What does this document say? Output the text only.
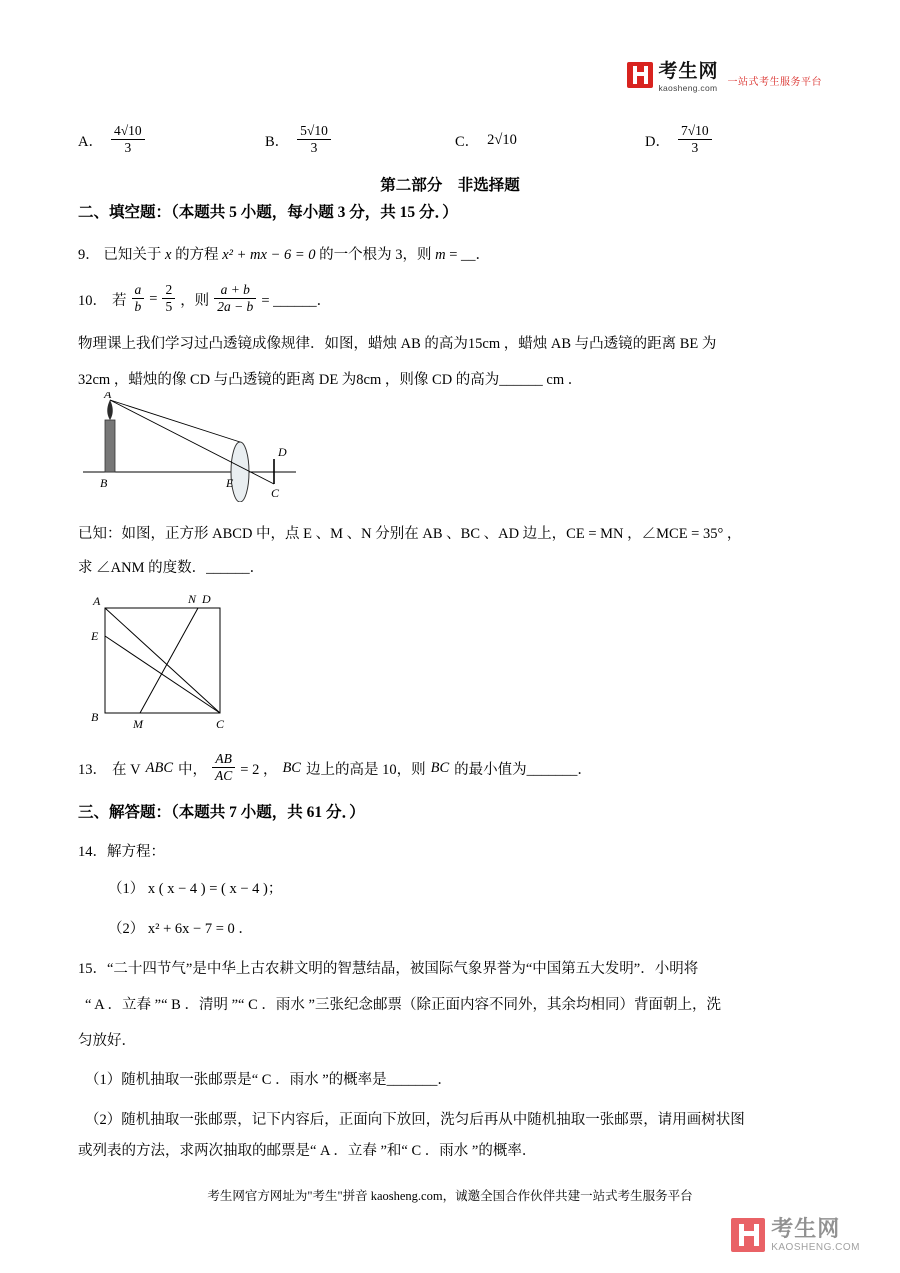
考生网
kaosheng.com 一站式考生服务平台
A． $\frac{4√10}{3}$	B． $\frac{5√10}{3}$	C． 2√10	D． $\frac{7√10}{3}$
第二部分　非选择题
二、填空题：（本题共 5 小题，每小题 3 分，共 15 分．）
9． 已知关于 x 的方程 x² + mx − 6 = 0 的一个根为 3，则 m = __．
10． 若 $\frac{a}{b} = \frac{2}{5}$ ，则 $\frac{a + b}{2a - b}$ = ______．
物理课上我们学习过凸透镜成像规律．如图，蜡烛 AB 的高为15cm ，蜡烛 AB 与凸透镜的距离 BE 为
32cm ，蜡烛的像 CD 与凸透镜的距离 DE 为8cm ，则像 CD 的高为______ cm ．
A
B	E
D
C
已知：如图，正方形 ABCD 中，点 E 、M 、N 分别在 AB 、BC 、AD 边上，CE = MN ，∠MCE = 35° ，
求 ∠ANM 的度数．______．
A	N D
E
B	M	C
13． 在 V ABC 中， $\frac{AB}{AC} = 2$ ， BC 边上的高是 10，则 BC 的最小值为_______．
三、解答题：（本题共 7 小题，共 61 分．）
14．解方程：
（1） x ( x − 4 ) = ( x − 4 )；
（2） x² + 6x − 7 = 0 ．
15．“二十四节气”是中华上古农耕文明的智慧结晶，被国际气象界誉为“中国第五大发明”．小明将
“ A ．立春 ”“ B ．清明 ”“ C ．雨水 ”三张纪念邮票（除正面内容不同外，其余均相同）背面朝上，洗
匀放好．
（1）随机抽取一张邮票是“ C ．雨水 ”的概率是_______．
（2）随机抽取一张邮票，记下内容后，正面向下放回，洗匀后再从中随机抽取一张邮票，请用画树状图
或列表的方法，求两次抽取的邮票是“ A ．立春 ”和“ C ．雨水 ”的概率．
考生网官方网址为"考生"拼音 kaosheng.com，诚邀全国合作伙伴共建一站式考生服务平台
考生网
KAOSHENG.COM
